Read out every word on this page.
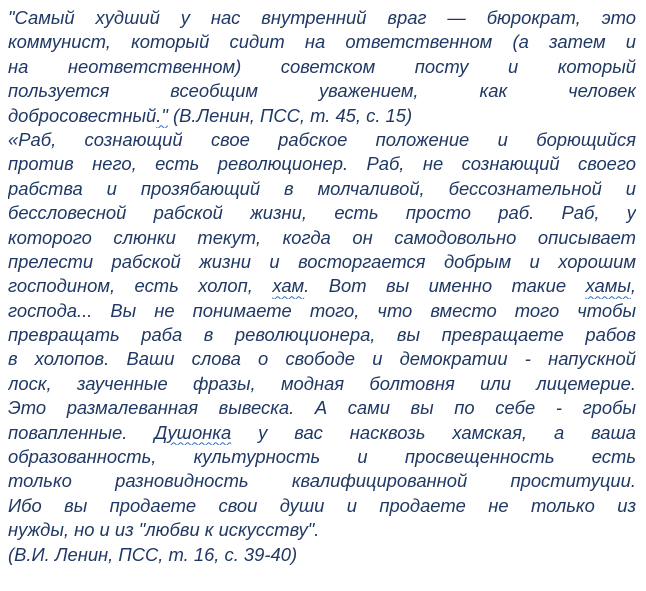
"Самый худший у нас внутренний враг — бюрократ, это
коммунист, который сидит на ответственном (а затем и
на неответственном) советском посту и который
пользуется всеобщим уважением, как человек
добросовестный." (В.Ленин, ПСС, т. 45, с. 15)
«Раб, сознающий свое рабское положение и борющийся
против него, есть революционер. Раб, не сознающий своего
рабства и прозябающий в молчаливой, бессознательной и
бессловесной рабской жизни, есть просто раб. Раб, у
которого слюнки текут, когда он самодовольно описывает
прелести рабской жизни и восторгается добрым и хорошим
господином, есть холоп, хам. Вот вы именно такие хамы,
господа... Вы не понимаете того, что вместо того чтобы
превращать раба в революционера, вы превращаете рабов
в холопов. Ваши слова о свободе и демократии - напускной
лоск, заученные фразы, модная болтовня или лицемерие.
Это размалеванная вывеска. А сами вы по себе - гробы
повапленные. Душонка у вас насквозь хамская, а ваша
образованность, культурность и просвещенность есть
только разновидность квалифицированной проституции.
Ибо вы продаете свои души и продаете не только из
нужды, но и из "любви к искусству".
(В.И. Ленин, ПСС, т. 16, с. 39-40)
